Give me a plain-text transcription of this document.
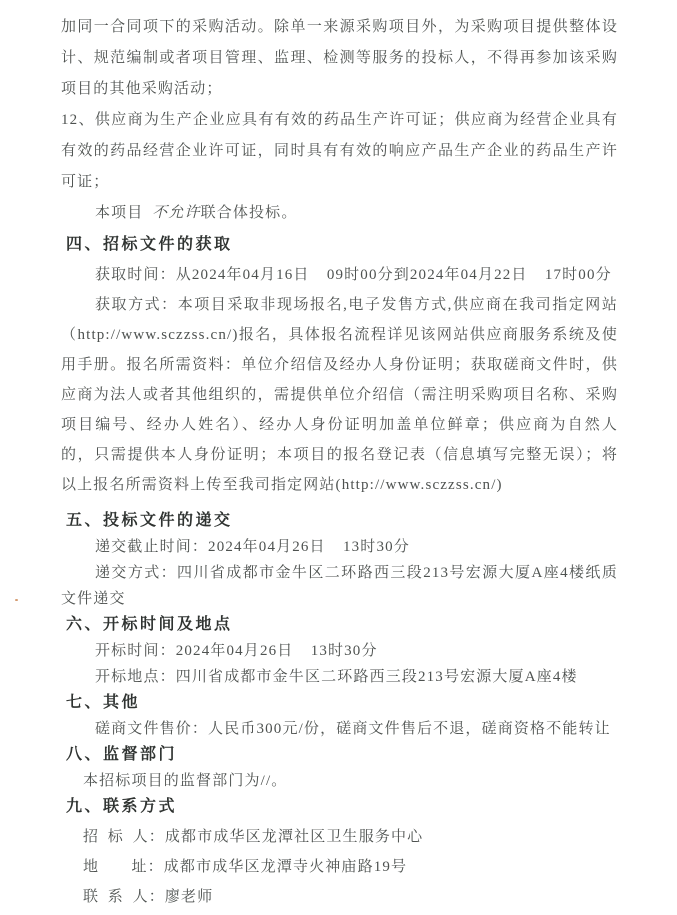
加同一合同项下的采购活动。除单一来源采购项目外，为采购项目提供整体设计、规范编制或者项目管理、监理、检测等服务的投标人，不得再参加该采购项目的其他采购活动；

12、供应商为生产企业应具有有效的药品生产许可证；供应商为经营企业具有有效的药品经营企业许可证，同时具有有效的响应产品生产企业的药品生产许可证；

本项目 不允许联合体投标。

四、招标文件的获取

获取时间：从2024年04月16日  09时00分到2024年04月22日  17时00分

获取方式：本项目采取非现场报名,电子发售方式,供应商在我司指定网站（http://www.sczzss.cn/)报名，具体报名流程详见该网站供应商服务系统及使用手册。报名所需资料：单位介绍信及经办人身份证明；获取磋商文件时，供应商为法人或者其他组织的，需提供单位介绍信（需注明采购项目名称、采购项目编号、经办人姓名）、经办人身份证明加盖单位鲜章；供应商为自然人的，只需提供本人身份证明；本项目的报名登记表（信息填写完整无误）；将以上报名所需资料上传至我司指定网站(http://www.sczzss.cn/)

五、投标文件的递交

递交截止时间：2024年04月26日  13时30分

递交方式：四川省成都市金牛区二环路西三段213号宏源大厦A座4楼纸质文件递交

六、开标时间及地点

开标时间：2024年04月26日  13时30分

开标地点：四川省成都市金牛区二环路西三段213号宏源大厦A座4楼

七、其他

磋商文件售价：人民币300元/份，磋商文件售后不退，磋商资格不能转让

八、监督部门

本招标项目的监督部门为//。

九、联系方式

招 标 人：成都市成华区龙潭社区卫生服务中心

地　　址：成都市成华区龙潭寺火神庙路19号

联 系 人：廖老师
